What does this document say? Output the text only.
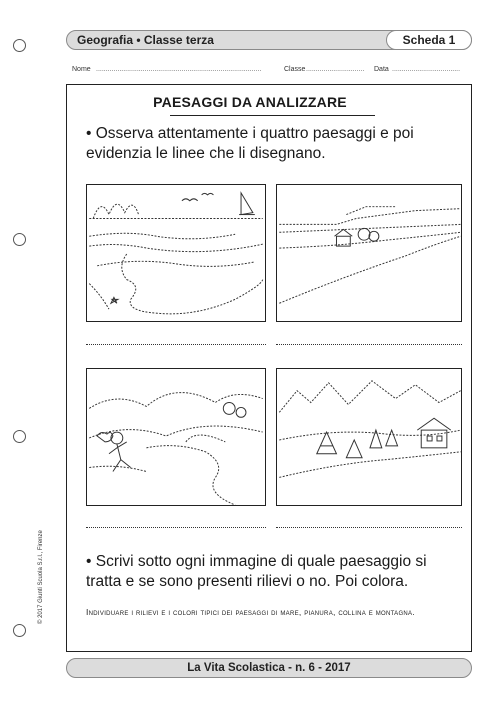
Geografia • Classe terza	Scheda 1
Nome .....................................................................................	Classe .............................. Data ...................................
PAESAGGI DA ANALIZZARE
• Osserva attentamente i quattro paesaggi e poi evidenzia le linee che li disegnano.
• Scrivi sotto ogni immagine di quale paesaggio si tratta e se sono presenti rilievi o no. Poi colora.
Individuare i rilievi e i colori tipici dei paesaggi di mare, pianura, collina e montagna.
© 2017 Giunti Scuola S.r.l., Firenze
La Vita Scolastica - n. 6 - 2017
